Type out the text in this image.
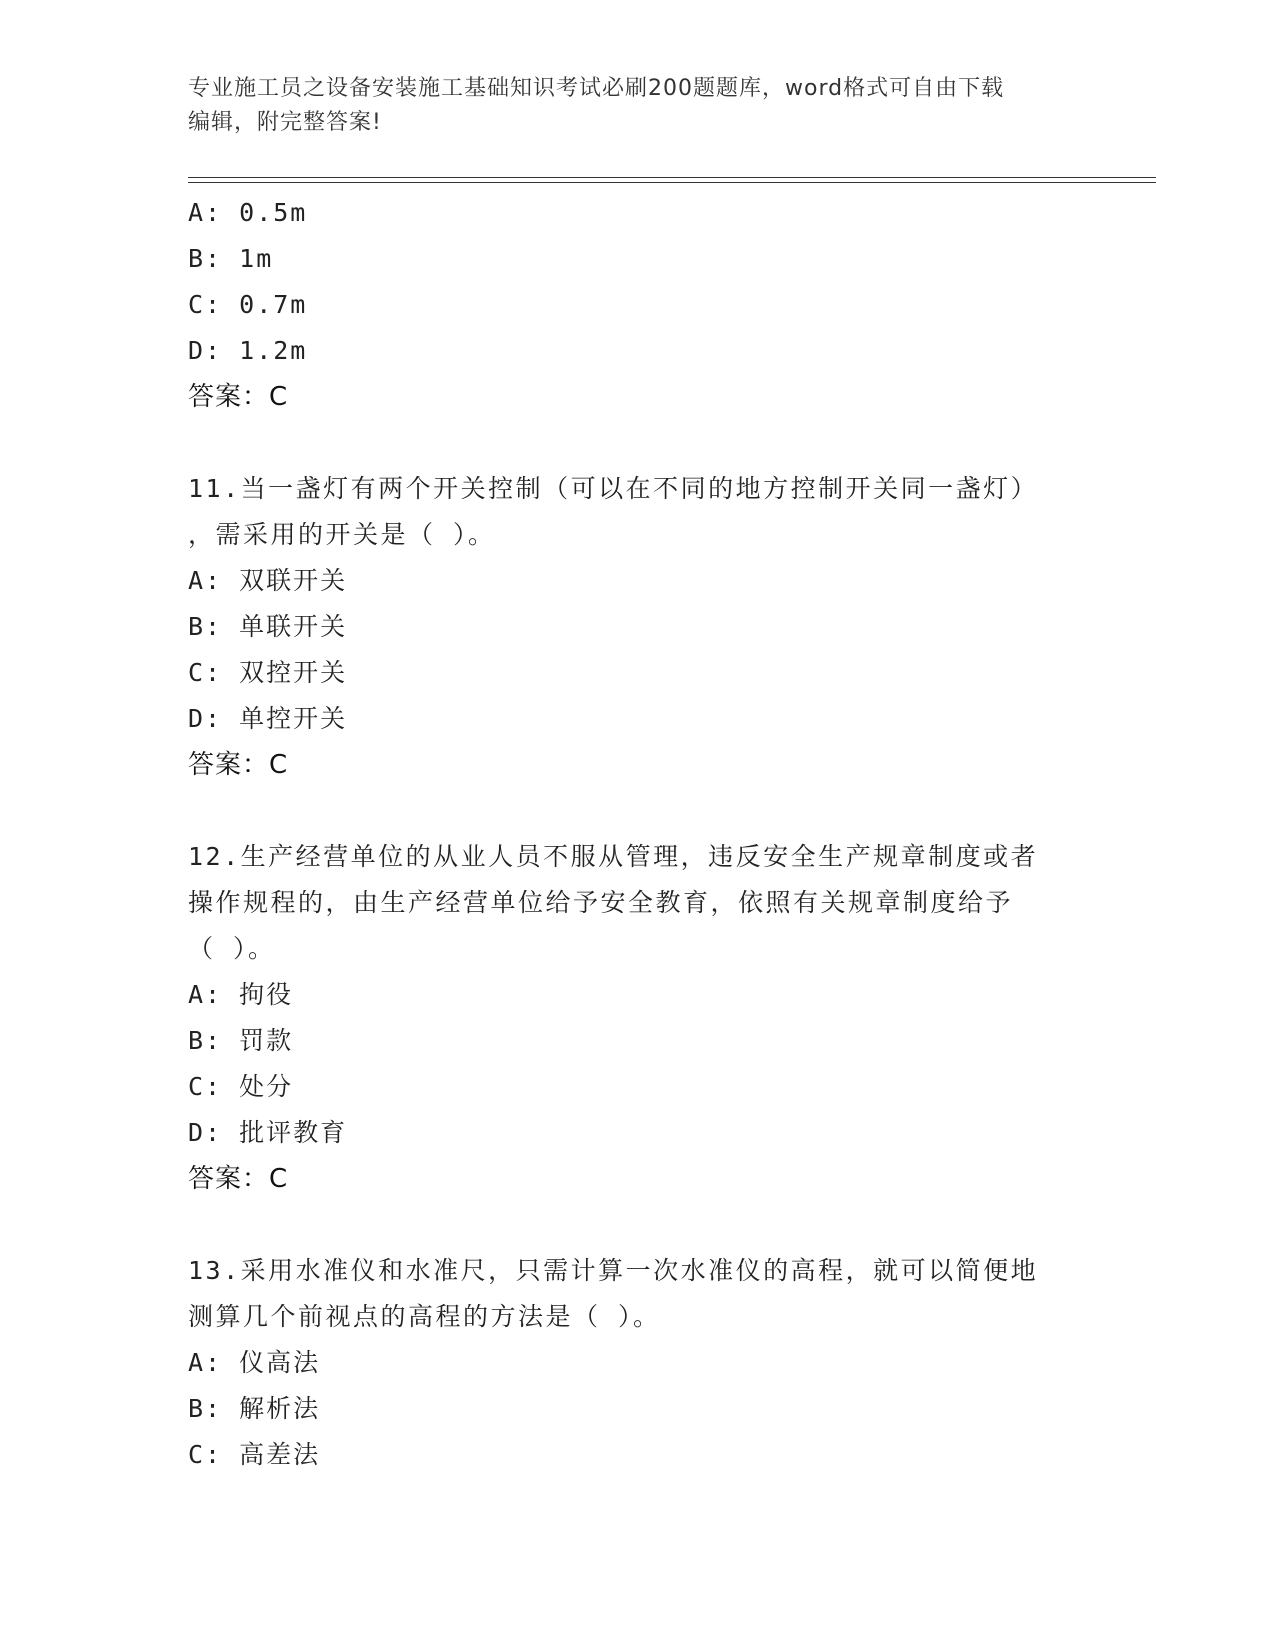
专业施工员之设备安装施工基础知识考试必刷200题题库，word格式可自由下载
编辑，附完整答案!
A: 0.5m
B: 1m
C: 0.7m
D: 1.2m
答案：C
11.当一盏灯有两个开关控制（可以在不同的地方控制开关同一盏灯）
，需采用的开关是（ ）。
A: 双联开关
B: 单联开关
C: 双控开关
D: 单控开关
答案：C
12.生产经营单位的从业人员不服从管理，违反安全生产规章制度或者
操作规程的，由生产经营单位给予安全教育，依照有关规章制度给予
（ ）。
A: 拘役
B: 罚款
C: 处分
D: 批评教育
答案：C
13.采用水准仪和水准尺，只需计算一次水准仪的高程，就可以简便地
测算几个前视点的高程的方法是（ ）。
A: 仪高法
B: 解析法
C: 高差法
